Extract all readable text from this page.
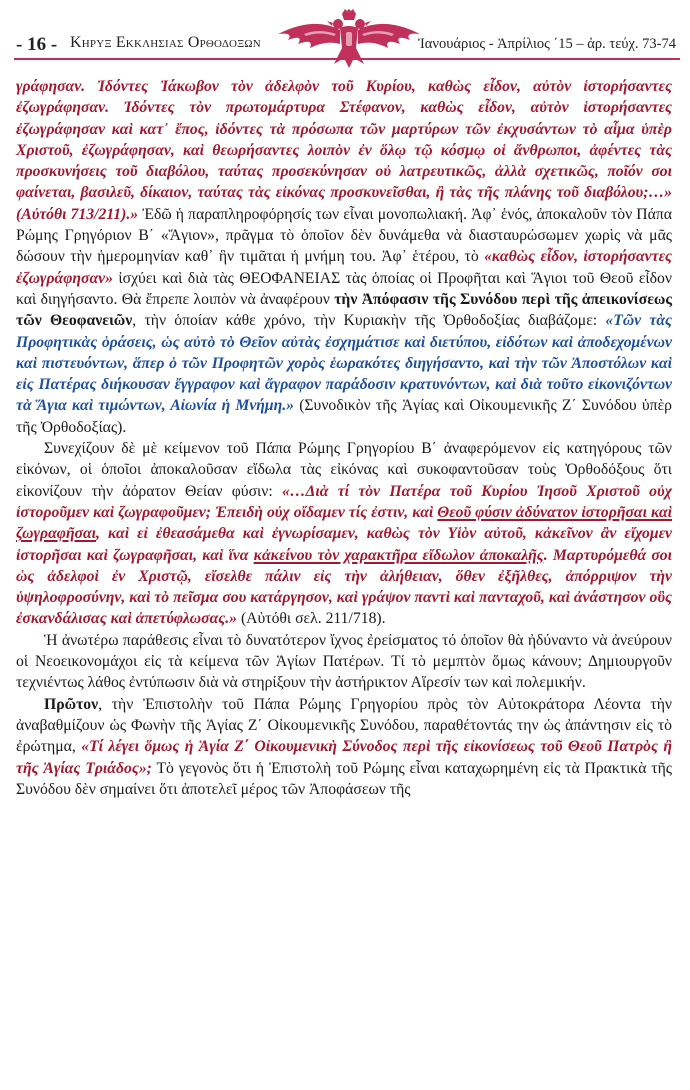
- 16 - Κηρυξ Εκκλησιας Ορθοδοξων	Ἰανουάριος - Ἀπρίλιος ΄15 – ἀρ. τεύχ. 73-74

γράφησαν. Ἰδόντες Ἰάκωβον τὸν ἀδελφὸν τοῦ Κυρίου, καθὼς εἶδον, αὐτὸν ἱστορήσαντες ἐζωγράφησαν. Ἰδόντες τὸν πρωτομάρτυρα Στέφανον, καθὼς εἶδον, αὐτὸν ἱστορήσαντες ἐζωγράφησαν καὶ κατ᾽ ἔπος, ἰδόντες τὰ πρόσωπα τῶν μαρτύρων τῶν ἐκχυσάντων τὸ αἷμα ὑπὲρ Χριστοῦ, ἐζωγράφησαν, καὶ θεωρήσαντες λοιπὸν ἐν ὅλῳ τῷ κόσμῳ οἱ ἄνθρωποι, ἀφέντες τὰς προσκυνήσεις τοῦ διαβόλου, ταύτας προσεκύνησαν οὐ λατρευτικῶς, ἀλλὰ σχετικῶς, ποῖόν σοι φαίνεται, βασιλεῦ, δίκαιον, ταύτας τὰς εἰκόνας προσκυνεῖσθαι, ἢ τὰς τῆς πλάνης τοῦ διαβόλου;…» (Αὐτόθι 713/211).» Ἐδῶ ἡ παραπληροφόρησίς των εἶναι μονοπωλιακή. Ἀφ᾽ ἑνός, ἀποκαλοῦν τὸν Πάπα Ρώμης Γρηγόριον Β΄ «Ἅγιον», πρᾶγμα τὸ ὁποῖον δὲν δυνάμεθα νὰ διασταυρώσωμεν χωρὶς νὰ μᾶς δώσουν τὴν ἡμερομηνίαν καθ᾽ ἣν τιμᾶται ἡ μνήμη του. Ἀφ᾽ ἑτέρου, τὸ «καθὼς εἶδον, ἱστορήσαντες ἐζωγράφησαν» ἰσχύει καὶ διὰ τὰς ΘΕΟΦΑΝΕΙΑΣ τὰς ὁποίας οἱ Προφῆται καὶ Ἅγιοι τοῦ Θεοῦ εἶδον καὶ διηγήσαντο. Θὰ ἔπρεπε λοιπὸν νὰ ἀναφέρουν τὴν Ἀπόφασιν τῆς Συνόδου περὶ τῆς ἀπεικονίσεως τῶν Θεοφανειῶν, τὴν ὁποίαν κάθε χρόνο, τὴν Κυριακὴν τῆς Ὀρθοδοξίας διαβάζομε: «Τῶν τὰς Προφητικὰς ὁράσεις, ὡς αὐτὸ τὸ Θεῖον αὐτὰς ἐσχημάτισε καὶ διετύπου, εἰδότων καὶ ἀποδεχομένων καὶ πιστευόντων, ἅπερ ὁ τῶν Προφητῶν χορὸς ἑωρακότες διηγήσαντο, καὶ τὴν τῶν Ἀποστόλων καὶ εἰς Πατέρας διήκουσαν ἔγγραφον καὶ ἄγραφον παράδοσιν κρατυνόντων, καὶ διὰ τοῦτο εἰκονιζόντων τὰ Ἅγια καὶ τιμώντων, Αἰωνία ἡ Μνήμη.» (Συνοδικὸν τῆς Ἁγίας καὶ Οἰκουμενικῆς Ζ΄ Συνόδου ὑπὲρ τῆς Ὀρθοδοξίας).

Συνεχίζουν δὲ μὲ κείμενον τοῦ Πάπα Ρώμης Γρηγορίου Β΄ ἀναφερόμενον εἰς κατηγόρους τῶν εἰκόνων, οἱ ὁποῖοι ἀποκαλοῦσαν εἴδωλα τὰς εἰκόνας καὶ συκοφαντοῦσαν τοὺς Ὀρθοδόξους ὅτι εἰκονίζουν τὴν ἀόρατον Θείαν φύσιν: «…Διὰ τί τὸν Πατέρα τοῦ Κυρίου Ἰησοῦ Χριστοῦ οὐχ ἱστοροῦμεν καὶ ζωγραφοῦμεν; Ἐπειδὴ οὐχ οἴδαμεν τίς ἐστιν, καὶ Θεοῦ φύσιν ἀδύνατον ἱστορῆσαι καὶ ζωγραφῆσαι, καὶ εἰ ἐθεασάμεθα καὶ ἐγνωρίσαμεν, καθὼς τὸν Υἱὸν αὐτοῦ, κἀκεῖνον ἂν εἴχομεν ἱστορῆσαι καὶ ζωγραφῆσαι, καὶ ἵνα κἀκείνου τὸν χαρακτῆρα εἴδωλον ἀποκαλῇς. Μαρτυρόμεθά σοι ὡς ἀδελφοὶ ἐν Χριστῷ, εἴσελθε πάλιν εἰς τὴν ἀλήθειαν, ὅθεν ἐξῆλθες, ἀπόρριψον τὴν ὑψηλοφροσύνην, καὶ τὸ πεῖσμα σου κατάργησον, καὶ γράψον παντὶ καὶ πανταχοῦ, καὶ ἀνάστησον οὓς ἐσκανδάλισας καὶ ἀπετύφλωσας.» (Αὐτόθι σελ. 211/718).

Ἡ ἀνωτέρω παράθεσις εἶναι τὸ δυνατότερον ἴχνος ἐρείσματος τό ὁποῖον θὰ ἠδύναντο νὰ ἀνεύρουν οἱ Νεοεικονομάχοι εἰς τὰ κείμενα τῶν Ἁγίων Πατέρων. Τί τὸ μεμπτὸν ὅμως κάνουν; Δημιουργοῦν τεχνιέντως λάθος ἐντύπωσιν διὰ νὰ στηρίξουν τὴν ἀστήρικτον Αἵρεσίν των καὶ πολεμικήν.

Πρῶτον, τὴν Ἐπιστολὴν τοῦ Πάπα Ρώμης Γρηγορίου πρὸς τὸν Αὐτοκράτορα Λέοντα τὴν ἀναβαθμίζουν ὡς Φωνὴν τῆς Ἁγίας Ζ΄ Οἰκουμενικῆς Συνόδου, παραθέτοντάς την ὡς ἀπάντησιν εἰς τὸ ἐρώτημα, «Τί λέγει ὅμως ἡ Ἁγία Ζ΄ Οἰκουμενικὴ Σύνοδος περὶ τῆς εἰκονίσεως τοῦ Θεοῦ Πατρὸς ἢ τῆς Ἁγίας Τριάδος»; Τὸ γεγονὸς ὅτι ἡ Ἐπιστολὴ τοῦ Ρώμης εἶναι καταχωρημένη εἰς τὰ Πρακτικὰ τῆς Συνόδου δὲν σημαίνει ὅτι ἀποτελεῖ μέρος τῶν Ἀποφάσεων τῆς
